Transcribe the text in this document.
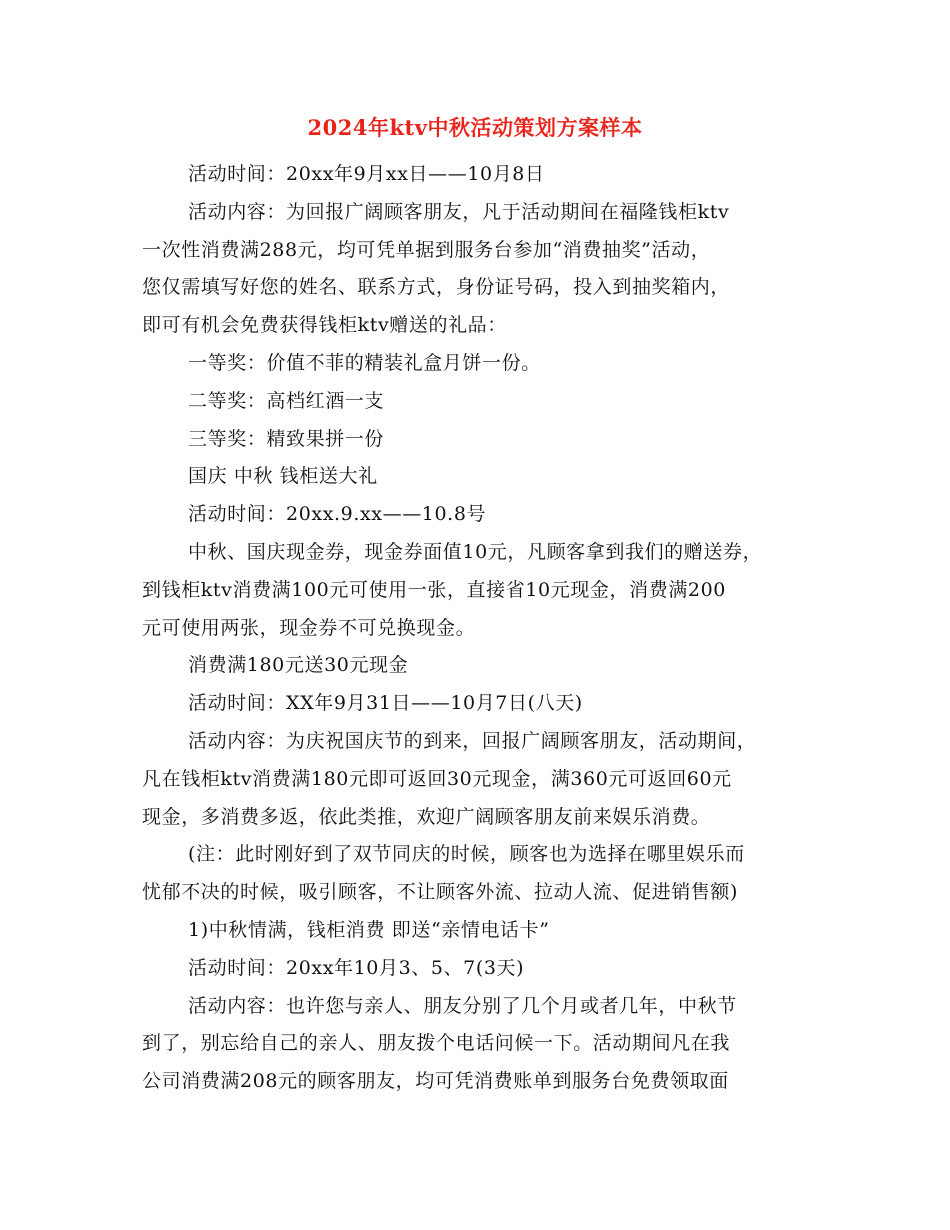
2024年ktv中秋活动策划方案样本
活动时间：20xx年9月xx日——10月8日
活动内容：为回报广阔顾客朋友，凡于活动期间在福隆钱柜ktv
一次性消费满288元，均可凭单据到服务台参加“消费抽奖”活动，
您仅需填写好您的姓名、联系方式，身份证号码，投入到抽奖箱内，
即可有机会免费获得钱柜ktv赠送的礼品：
一等奖：价值不菲的精装礼盒月饼一份。
二等奖：高档红酒一支
三等奖：精致果拼一份
国庆 中秋 钱柜送大礼
活动时间：20xx.9.xx——10.8号
中秋、国庆现金券，现金券面值10元，凡顾客拿到我们的赠送券，
到钱柜ktv消费满100元可使用一张，直接省10元现金，消费满200
元可使用两张，现金券不可兑换现金。
消费满180元送30元现金
活动时间：XX年9月31日——10月7日(八天)
活动内容：为庆祝国庆节的到来，回报广阔顾客朋友，活动期间，
凡在钱柜ktv消费满180元即可返回30元现金，满360元可返回60元
现金，多消费多返，依此类推，欢迎广阔顾客朋友前来娱乐消费。
(注：此时刚好到了双节同庆的时候，顾客也为选择在哪里娱乐而
忧郁不决的时候，吸引顾客，不让顾客外流、拉动人流、促进销售额)
1)中秋情满，钱柜消费 即送“亲情电话卡”
活动时间：20xx年10月3、5、7(3天)
活动内容：也许您与亲人、朋友分别了几个月或者几年，中秋节
到了，别忘给自己的亲人、朋友拨个电话问候一下。活动期间凡在我
公司消费满208元的顾客朋友，均可凭消费账单到服务台免费领取面
